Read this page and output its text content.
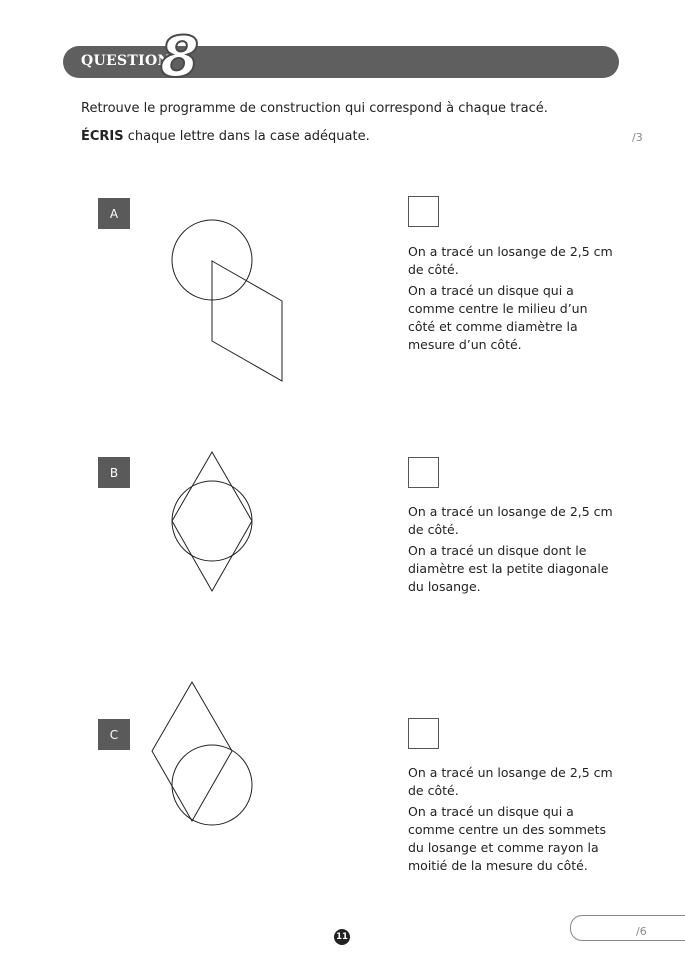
QUESTION
8
Retrouve le programme de construction qui correspond à chaque tracé.
ÉCRIS chaque lettre dans la case adéquate.	/3
A
B
C

On a tracé un losange de 2,5 cm de côté.

On a tracé un disque qui a comme centre le milieu d’un côté et comme diamètre la mesure d’un côté.

On a tracé un losange de 2,5 cm de côté.

On a tracé un disque dont le diamètre est la petite diagonale du losange.

On a tracé un losange de 2,5 cm de côté.

On a tracé un disque qui a comme centre un des sommets du losange et comme rayon la moitié de la mesure du côté.

11	/6
